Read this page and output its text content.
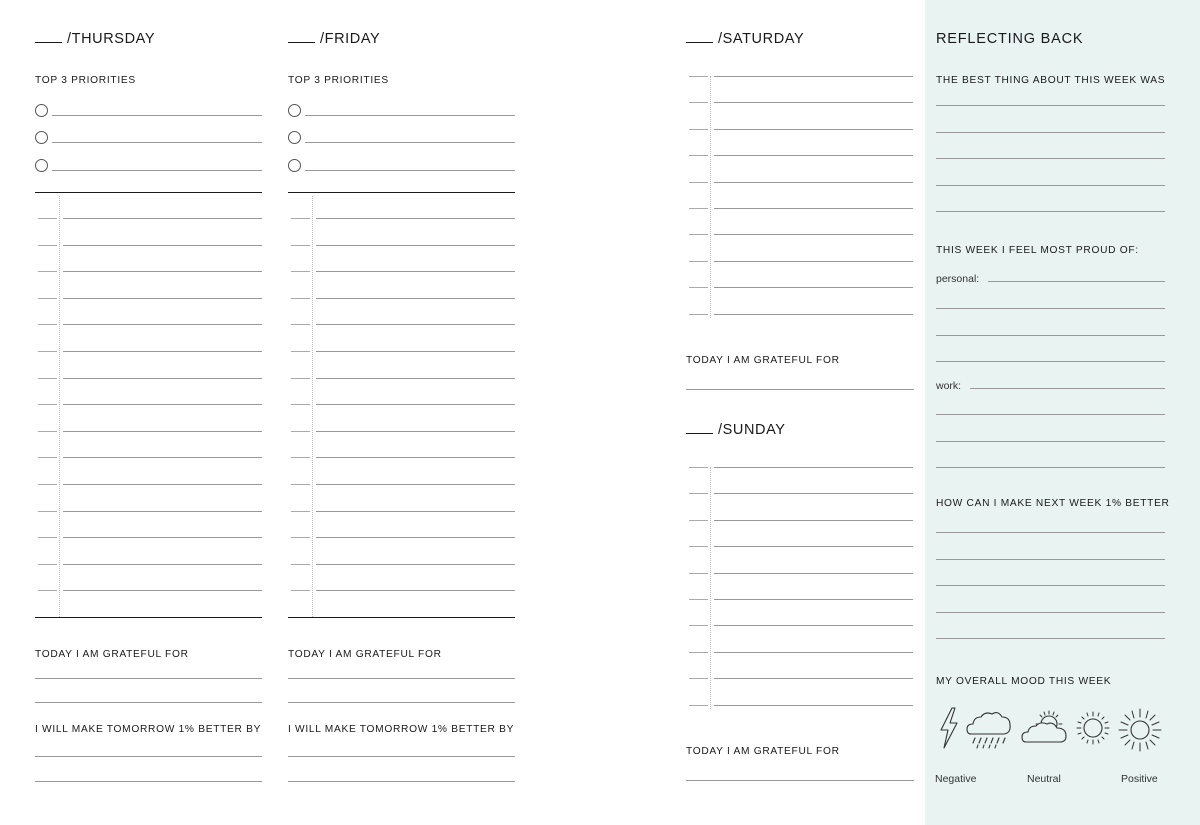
/THURSDAY
TOP 3 PRIORITIES
TODAY I AM GRATEFUL FOR
I WILL MAKE TOMORROW 1% BETTER BY
/FRIDAY
TOP 3 PRIORITIES
TODAY I AM GRATEFUL FOR
I WILL MAKE TOMORROW 1% BETTER BY
/SATURDAY
TODAY I AM GRATEFUL FOR
/SUNDAY
TODAY I AM GRATEFUL FOR
REFLECTING BACK
THE BEST THING ABOUT THIS WEEK WAS
THIS WEEK I FEEL MOST PROUD OF:
personal:
work:
HOW CAN I MAKE NEXT WEEK 1% BETTER
MY OVERALL MOOD THIS WEEK
Negative	Neutral	Positive
